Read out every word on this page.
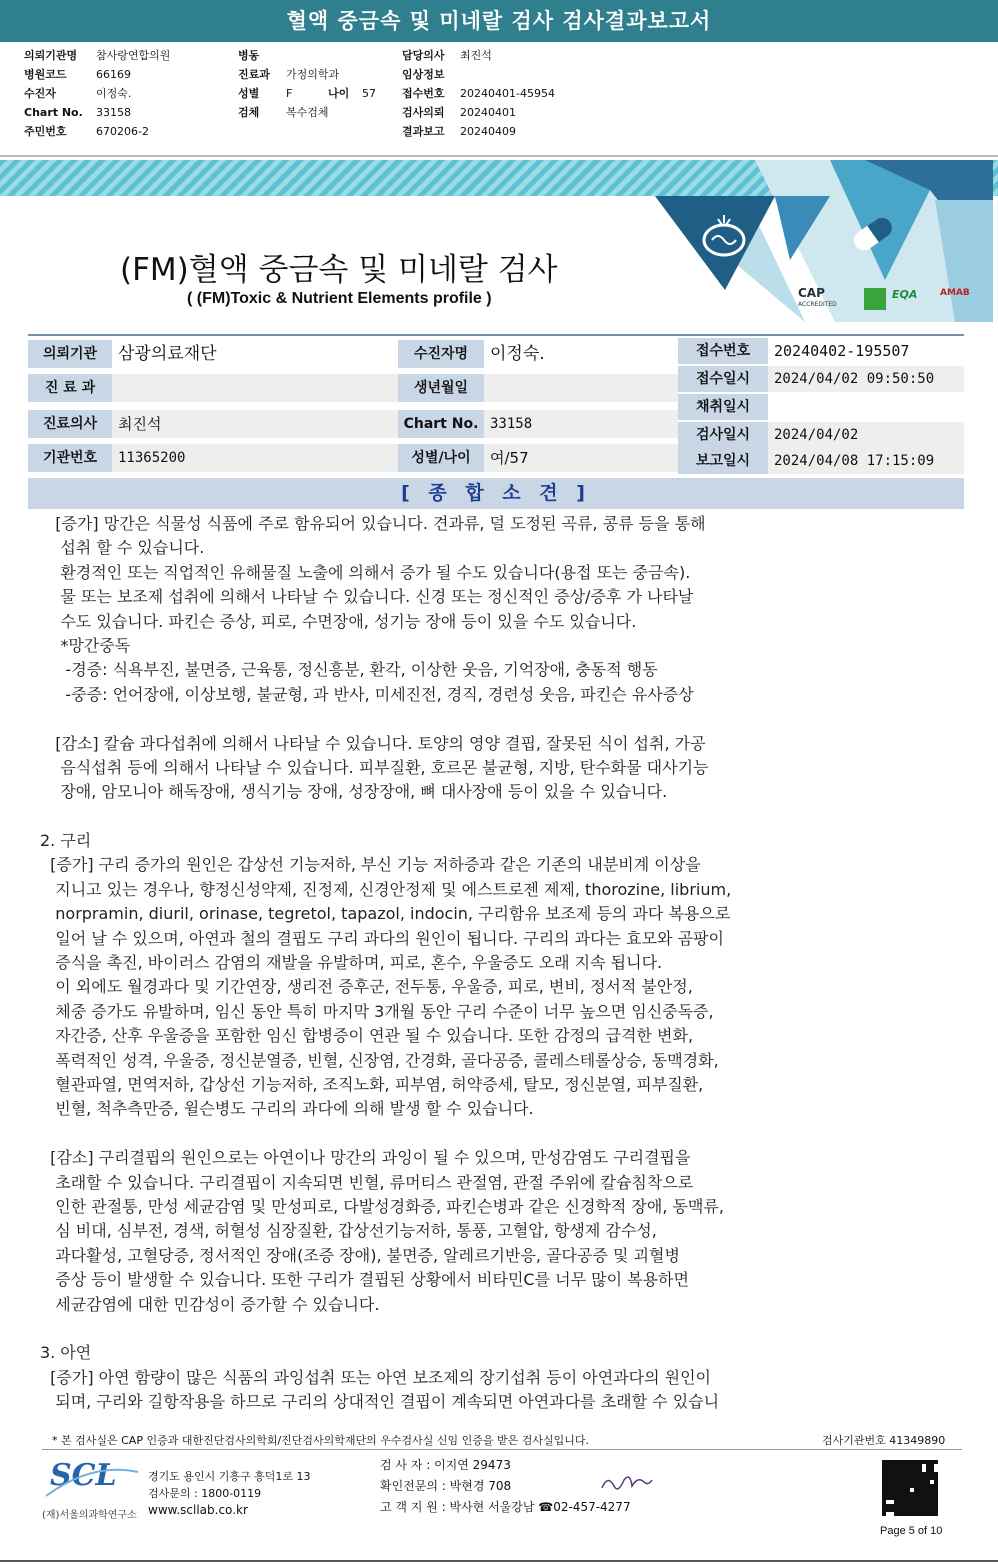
혈액 중금속 및 미네랄 검사 검사결과보고서
의뢰기관명 참사랑연합의원
병원코드	66169
수진자	이정숙.
Chart No. 33158
주민번호	670206-2
병동
진료과 가정의학과
성별 F	나이 57
검체 복수검체
담당의사 최진석
임상정보
접수번호 20240401-45954
검사의뢰 20240401
결과보고 20240409
CAP
ACCREDITED
EQA	AMAB
(FM)혈액 중금속 및 미네랄 검사
( (FM)Toxic & Nutrient Elements profile )
의뢰기관	삼광의료재단
진 료 과
진료의사	최진석
기관번호	11365200
수진자명	이정숙.
생년월일
Chart No. 33158
성별/나이	여/57
접수번호	20240402-195507
접수일시	2024/04/02 09:50:50
채취일시
검사일시	2024/04/02
보고일시	2024/04/08 17:15:09
[ 종 합 소 견 ]
[증가] 망간은 식물성 식품에 주로 함유되어 있습니다. 견과류, 덜 도정된 곡류, 콩류 등을 통해
섭취 할 수 있습니다.
환경적인 또는 직업적인 유해물질 노출에 의해서 증가 될 수도 있습니다(용접 또는 중금속).
물 또는 보조제 섭취에 의해서 나타날 수 있습니다. 신경 또는 정신적인 증상/증후 가 나타날
수도 있습니다. 파킨슨 증상, 피로, 수면장애, 성기능 장애 등이 있을 수도 있습니다.
*망간중독
-경증: 식욕부진, 불면증, 근육통, 정신흥분, 환각, 이상한 웃음, 기억장애, 충동적 행동
-중증: 언어장애, 이상보행, 불균형, 과 반사, 미세진전, 경직, 경련성 웃음, 파킨슨 유사증상
[감소] 칼슘 과다섭취에 의해서 나타날 수 있습니다. 토양의 영양 결핍, 잘못된 식이 섭취, 가공
음식섭취 등에 의해서 나타날 수 있습니다. 피부질환, 호르몬 불균형, 지방, 탄수화물 대사기능
장애, 암모니아 해독장애, 생식기능 장애, 성장장애, 뼈 대사장애 등이 있을 수 있습니다.
2. 구리
[증가] 구리 증가의 원인은 갑상선 기능저하, 부신 기능 저하증과 같은 기존의 내분비계 이상을
지니고 있는 경우나, 향정신성약제, 진정제, 신경안정제 및 에스트로젠 제제, thorozine, librium,
norpramin, diuril, orinase, tegretol, tapazol, indocin, 구리함유 보조제 등의 과다 복용으로
일어 날 수 있으며, 아연과 철의 결핍도 구리 과다의 원인이 됩니다. 구리의 과다는 효모와 곰팡이
증식을 촉진, 바이러스 감염의 재발을 유발하며, 피로, 혼수, 우울증도 오래 지속 됩니다.
이 외에도 월경과다 및 기간연장, 생리전 증후군, 전두통, 우울증, 피로, 변비, 정서적 불안정,
체중 증가도 유발하며, 임신 동안 특히 마지막 3개월 동안 구리 수준이 너무 높으면 임신중독증,
자간증, 산후 우울증을 포함한 임신 합병증이 연관 될 수 있습니다. 또한 감정의 급격한 변화,
폭력적인 성격, 우울증, 정신분열증, 빈혈, 신장염, 간경화, 골다공증, 콜레스테롤상승, 동맥경화,
혈관파열, 면역저하, 갑상선 기능저하, 조직노화, 피부염, 허약증세, 탈모, 정신분열, 피부질환,
빈혈, 척추측만증, 윌슨병도 구리의 과다에 의해 발생 할 수 있습니다.
[감소] 구리결핍의 원인으로는 아연이나 망간의 과잉이 될 수 있으며, 만성감염도 구리결핍을
초래할 수 있습니다. 구리결핍이 지속되면 빈혈, 류머티스 관절염, 관절 주위에 칼슘침착으로
인한 관절통, 만성 세균감염 및 만성피로, 다발성경화증, 파킨슨병과 같은 신경학적 장애, 동맥류,
심 비대, 심부전, 경색, 허혈성 심장질환, 갑상선기능저하, 통풍, 고혈압, 항생제 감수성,
과다활성, 고혈당증, 정서적인 장애(조증 장애), 불면증, 알레르기반응, 골다공증 및 괴혈병
증상 등이 발생할 수 있습니다. 또한 구리가 결핍된 상황에서 비타민C를 너무 많이 복용하면
세균감염에 대한 민감성이 증가할 수 있습니다.
3. 아연
[증가] 아연 함량이 많은 식품의 과잉섭취 또는 아연 보조제의 장기섭취 등이 아연과다의 원인이
되며, 구리와 길항작용을 하므로 구리의 상대적인 결핍이 계속되면 아연과다를 초래할 수 있습니
* 본 검사실은 CAP 인증과 대한진단검사의학회/진단검사의학재단의 우수검사실 신임 인증을 받은 검사실입니다.	검사기관번호 41349890
SCL
(재)서울의과학연구소
경기도 용인시 기흥구 흥덕1로 13
검사문의 : 1800-0119
www.scllab.co.kr
검 사 자 : 이지연 29473
확인전문의 : 박현경 708
고 객 지 원 : 박사현 서울강남 ☎02-457-4277
Page 5 of 10
